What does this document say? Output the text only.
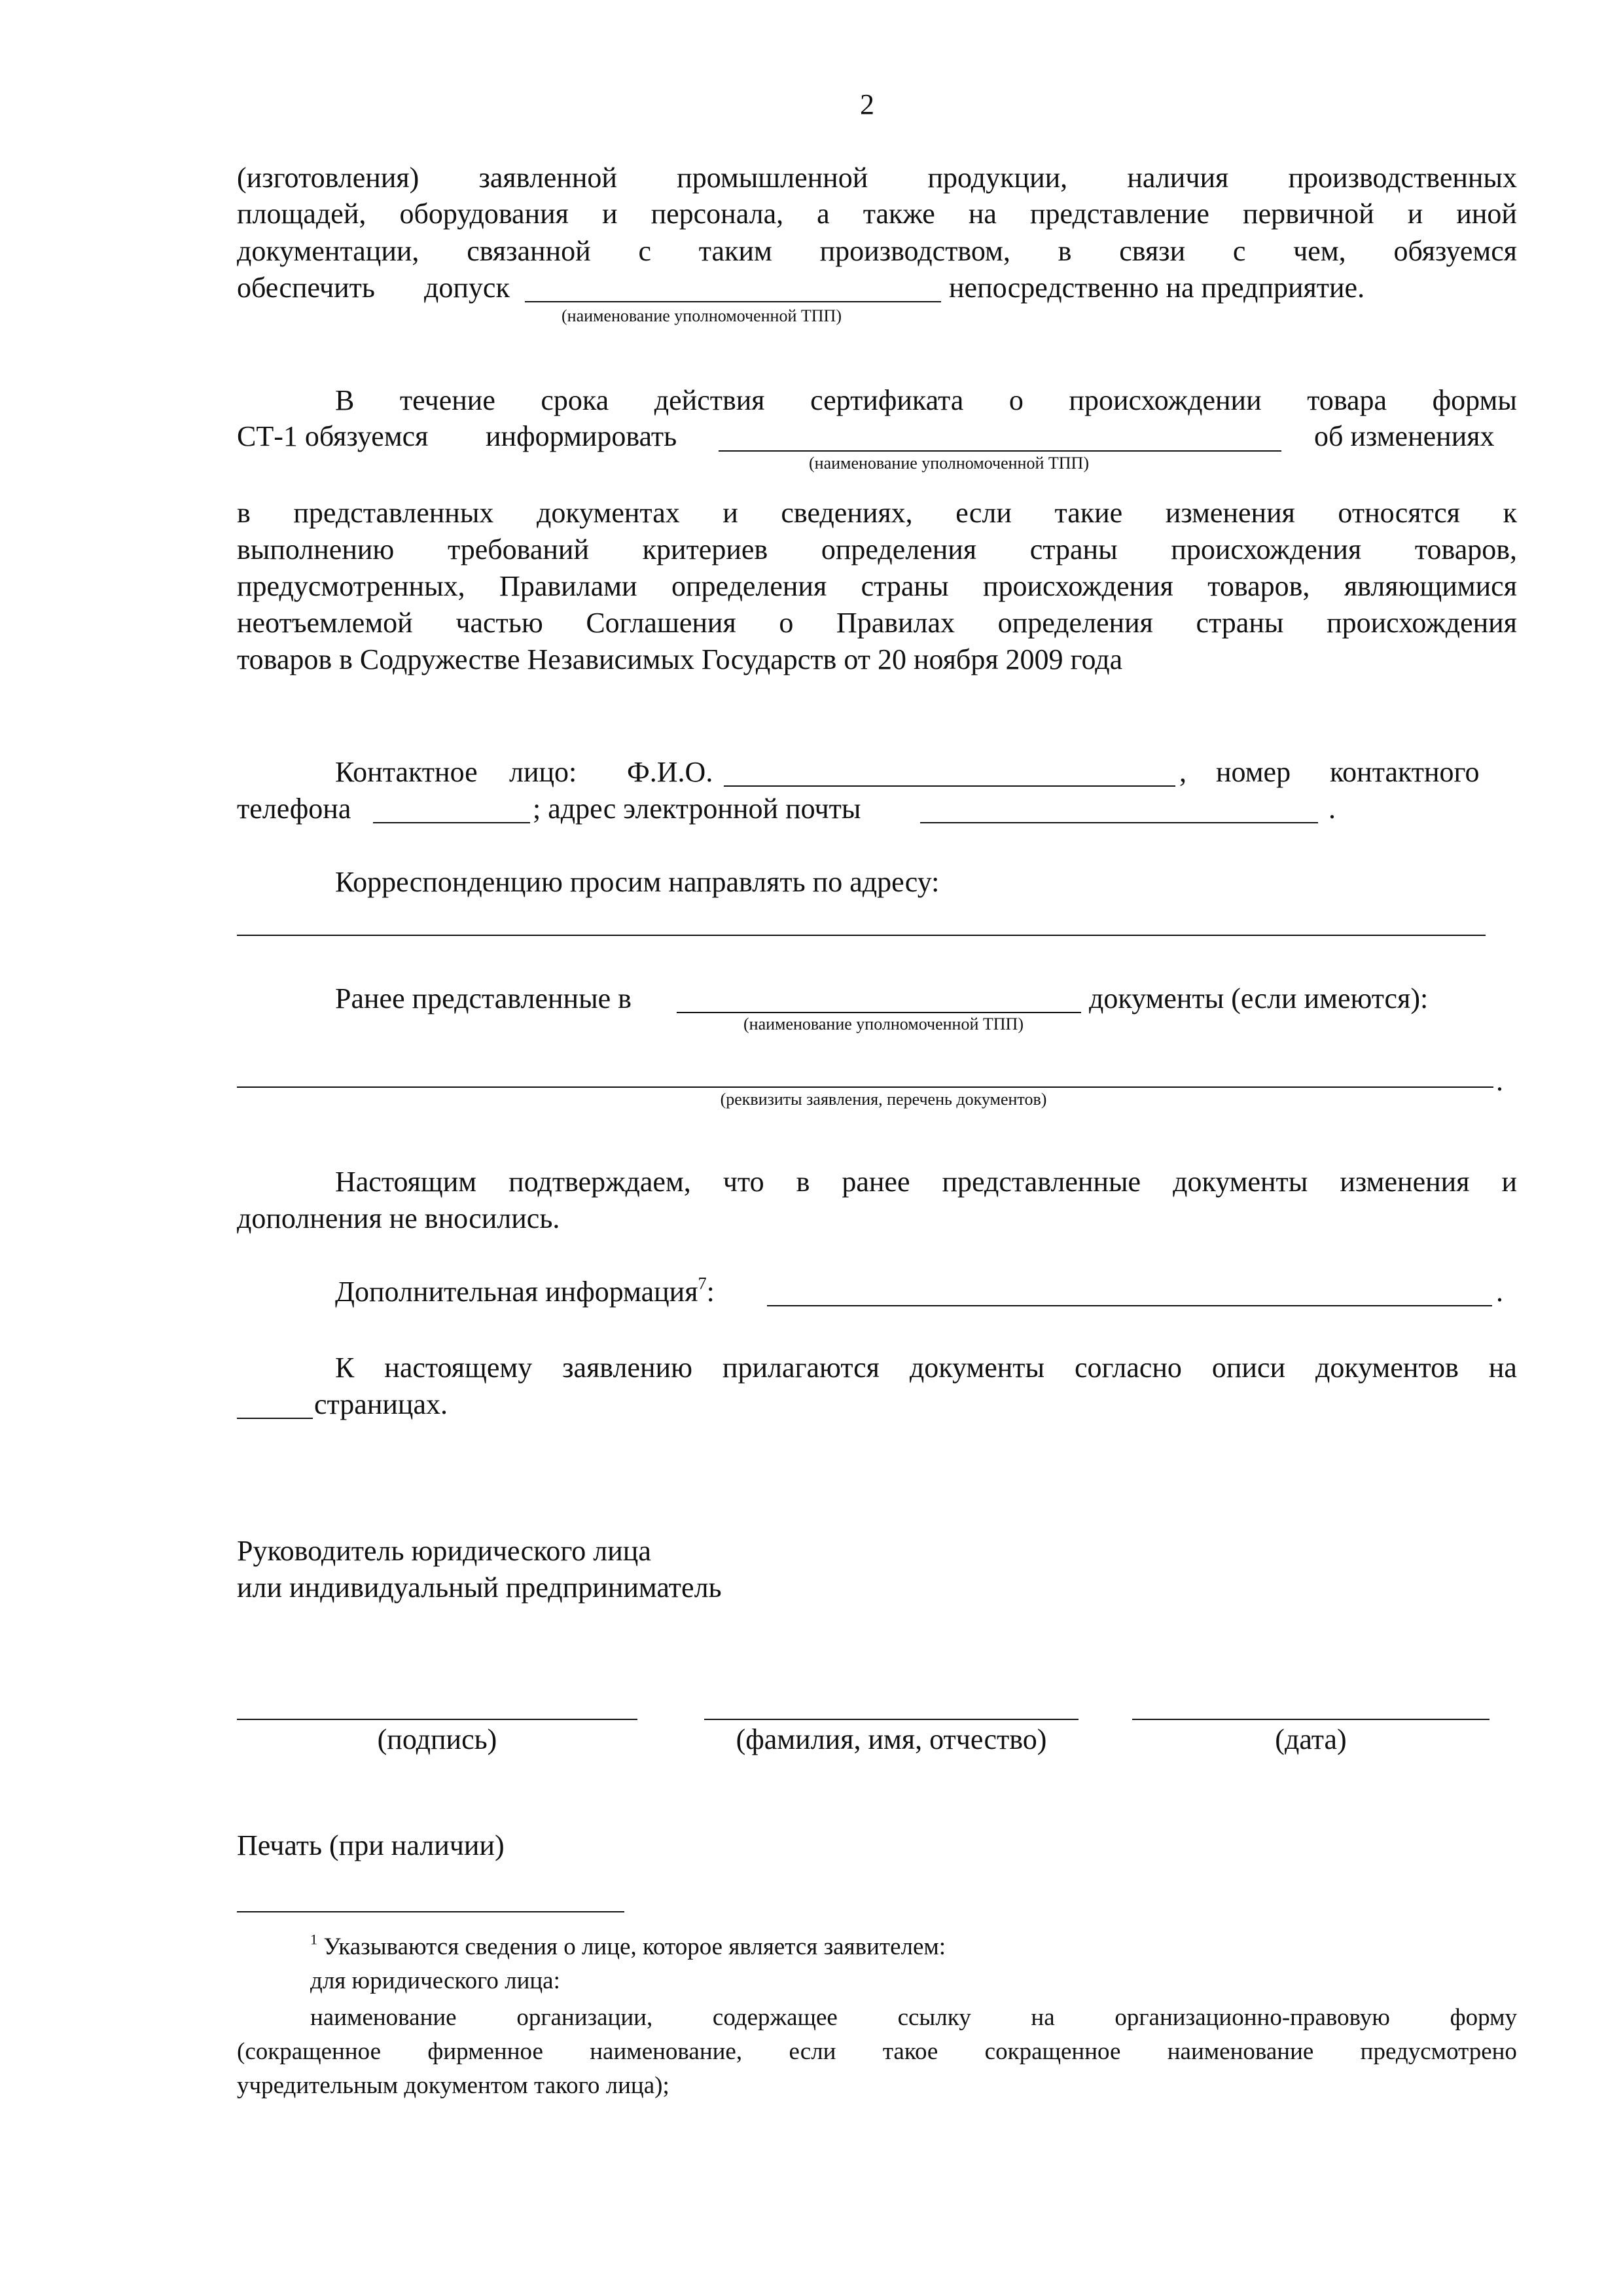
2
(изготовления) заявленной промышленной продукции, наличия производственных
площадей, оборудования и персонала, а также на представление первичной и иной
документации, связанной с таким производством, в связи с чем, обязуемся
обеспечить допуск	непосредственно на предприятие.
(наименование уполномоченной ТПП)
В течение срока действия сертификата о происхождении товара формы
СТ-1 обязуемся информировать	об изменениях
(наименование уполномоченной ТПП)
в представленных документах и сведениях, если такие изменения относятся к
выполнению требований критериев определения страны происхождения товаров,
предусмотренных, Правилами определения страны происхождения товаров, являющимися
неотъемлемой частью Соглашения о Правилах определения страны происхождения
товаров в Содружестве Независимых Государств от 20 ноября 2009 года
Контактное лицо: Ф.И.О.	, номер контактного
телефона	; адрес электронной почты	.
Корреспонденцию просим направлять по адресу:
Ранее представленные в	документы (если имеются):
(наименование уполномоченной ТПП)
.
(реквизиты заявления, перечень документов)
Настоящим подтверждаем, что в ранее представленные документы изменения и
дополнения не вносились.
Дополнительная информация$^7$:	.
К настоящему заявлению прилагаются документы согласно описи документов на
страницах.
Руководитель юридического лица
или индивидуальный предприниматель
(подпись)	(фамилия, имя, отчество)	(дата)
Печать (при наличии)
$^1$ Указываются сведения о лице, которое является заявителем:
для юридического лица:
наименование организации, содержащее ссылку на организационно-правовую форму
(сокращенное фирменное наименование, если такое сокращенное наименование предусмотрено
учредительным документом такого лица);
